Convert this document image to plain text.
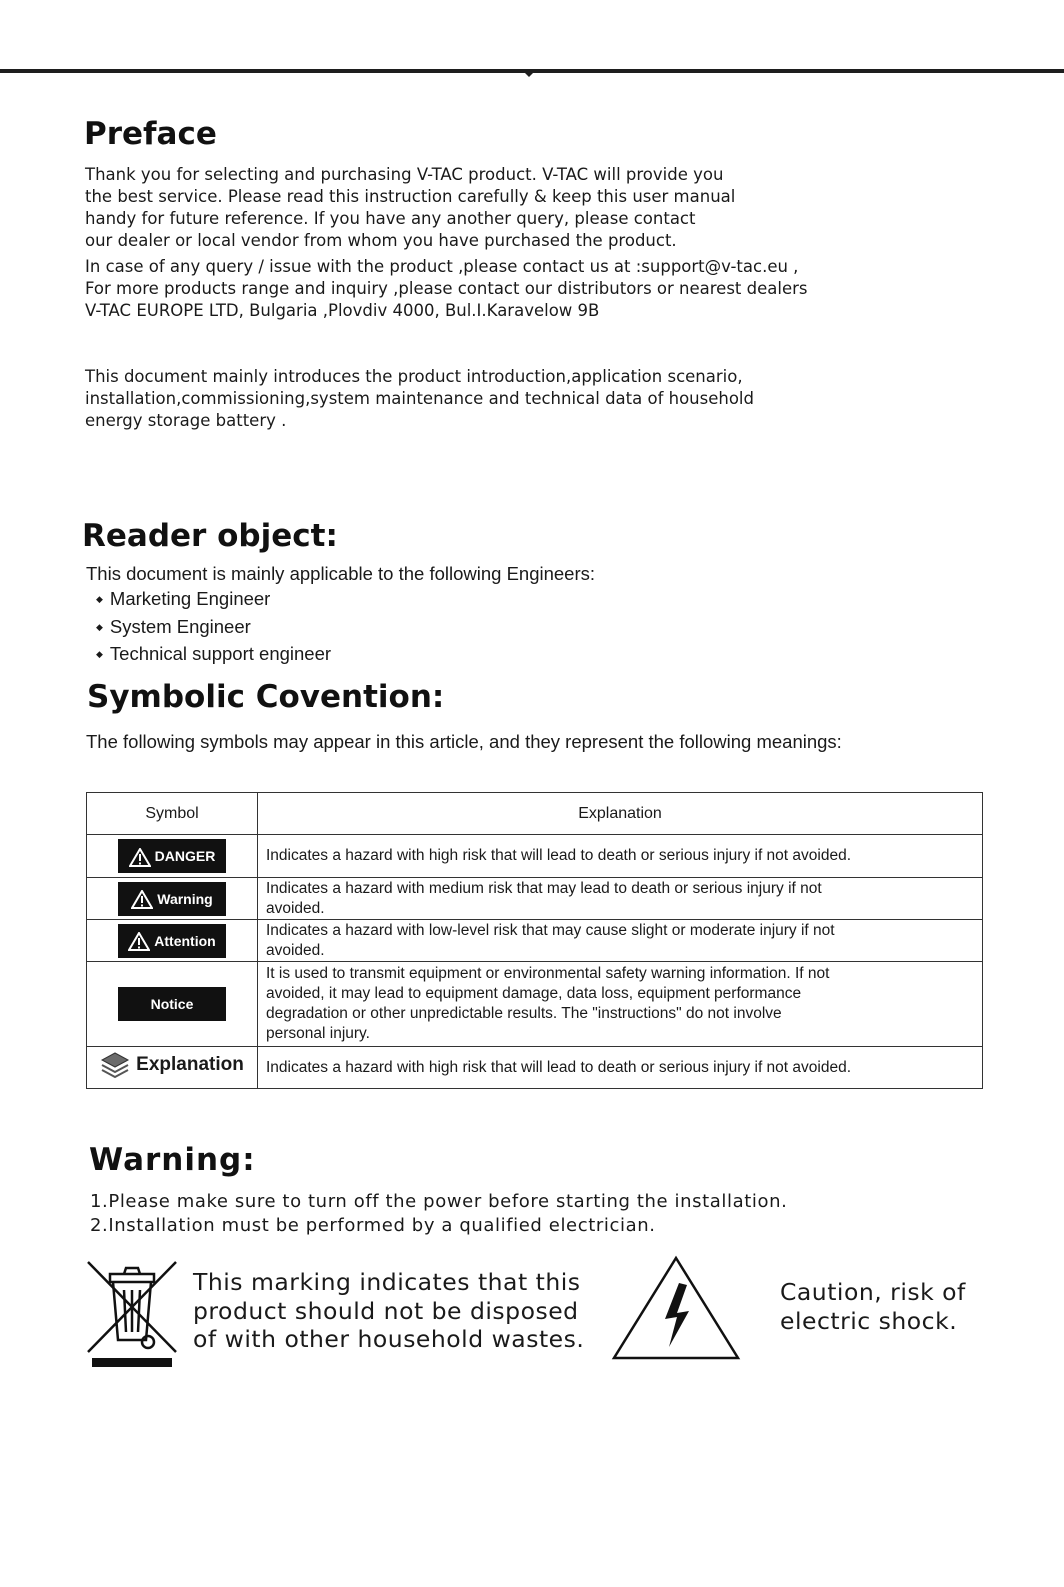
Preface
Thank you for selecting and purchasing V-TAC product. V-TAC will provide you
the best service. Please read this instruction carefully & keep this user manual
handy for future reference. If you have any another query, please contact
our dealer or local vendor from whom you have purchased the product.
In case of any query / issue with the product ,please contact us at :support@v-tac.eu ,
For more products range and inquiry ,please contact our distributors or nearest dealers
V-TAC EUROPE LTD, Bulgaria ,Plovdiv 4000, Bul.I.Karavelow 9B
This document mainly introduces the product introduction,application scenario,
installation,commissioning,system maintenance and technical data of household
energy storage battery .
Reader object:

This document is mainly applicable to the following Engineers:

◆ Marketing Engineer
◆ System Engineer
◆ Technical support engineer
Symbolic Covention:

The following symbols may appear in this article, and they represent the following meanings:

Symbol	Explanation
DANGER	Indicates a hazard with high risk that will lead to death or serious injury if not avoided.

Warning	Indicates a hazard with medium risk that may lead to death or serious injury if not
avoided.

Attention	Indicates a hazard with low-level risk that may cause slight or moderate injury if not
avoided.

Notice	It is used to transmit equipment or environmental safety warning information. If not
avoided, it may lead to equipment damage, data loss, equipment performance
degradation or other unpredictable results. The "instructions" do not involve
personal injury.

Explanation	Indicates a hazard with high risk that will lead to death or serious injury if not avoided.
Warning:
1.Please make sure to turn off the power before starting the installation.
2.Installation must be performed by a qualified electrician.
This marking indicates that this
product should not be disposed
of with other household wastes.
Caution, risk of
electric shock.
